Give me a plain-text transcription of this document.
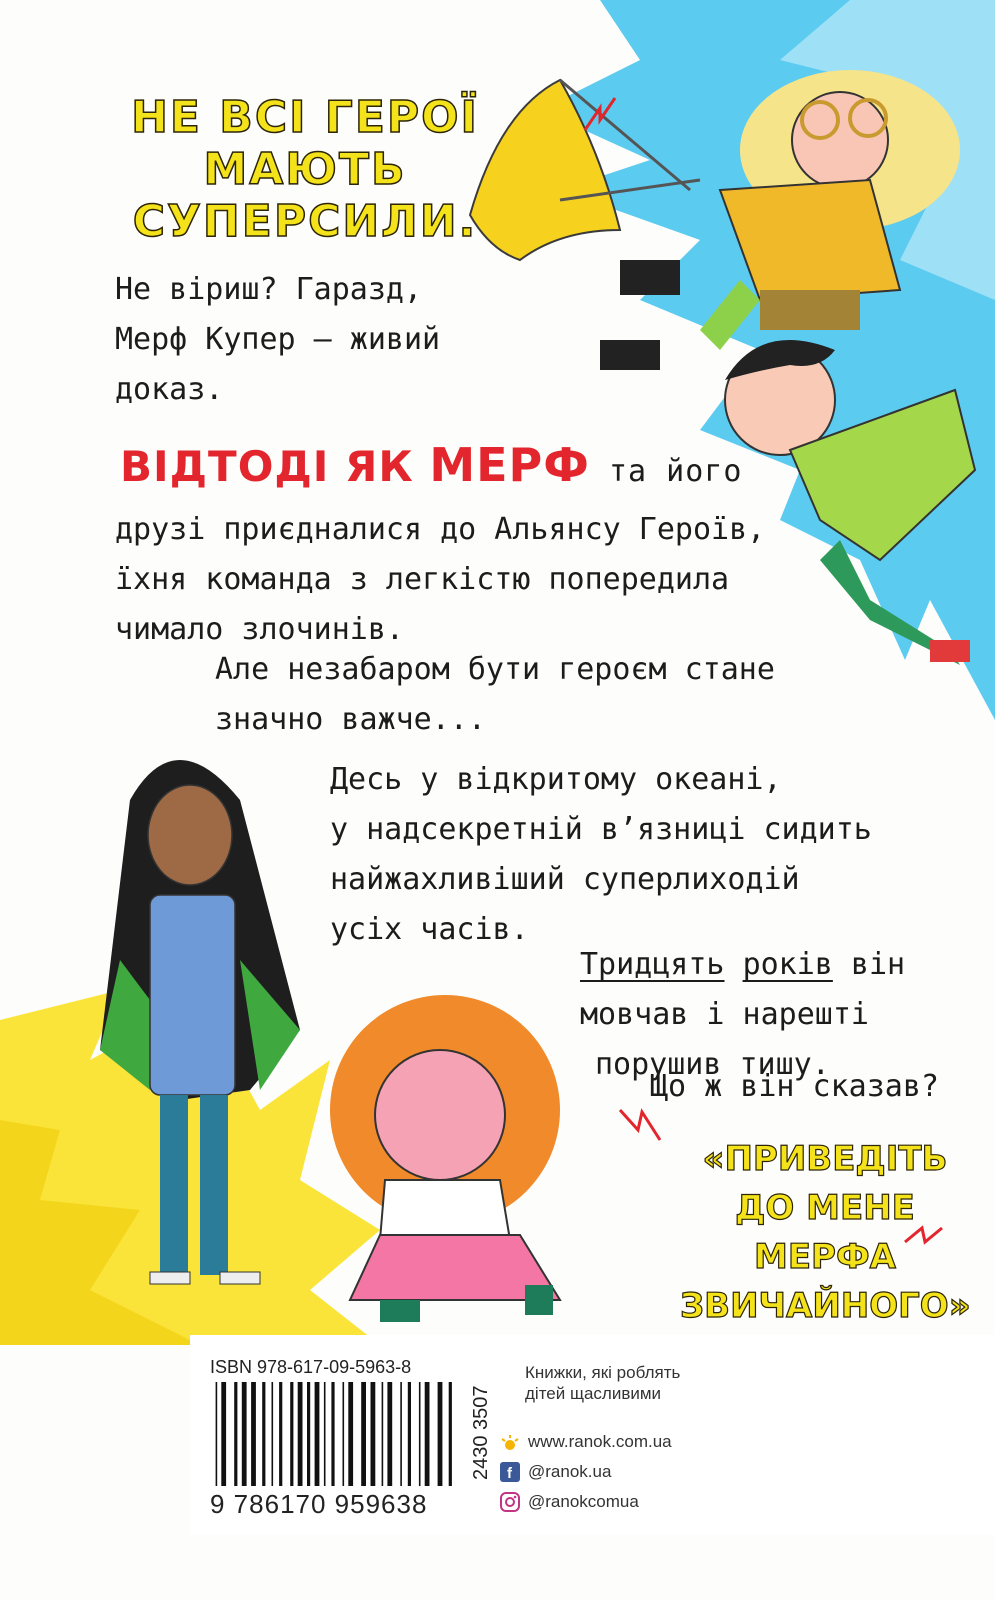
НЕ ВСІ ГЕРОЇ
МАЮТЬ
СУПЕРСИЛИ.
Не віриш? Гаразд,
Мерф Купер — живий
доказ.
ВІДТОДІ ЯК МЕРФ та його
друзі приєдналися до Альянсу Героїв,
їхня команда з легкістю попередила
чимало злочинів.
Але незабаром бути героєм стане
значно важче...
Десь у відкритому океані,
у надсекретній в’язниці сидить
найжахливіший суперлиходій
усіх часів.
Тридцять років він
мовчав і нарешті
порушив тишу.
Що ж він сказав?
«ПРИВЕДІТЬ
ДО МЕНЕ
МЕРФА
ЗВИЧАЙНОГО»
ISBN 978-617-09-5963-8
9 786170 959638
2430 3507
Книжки, які роблять
дітей щасливими
www.ranok.com.ua
f @ranok.ua
@ranokcomua
